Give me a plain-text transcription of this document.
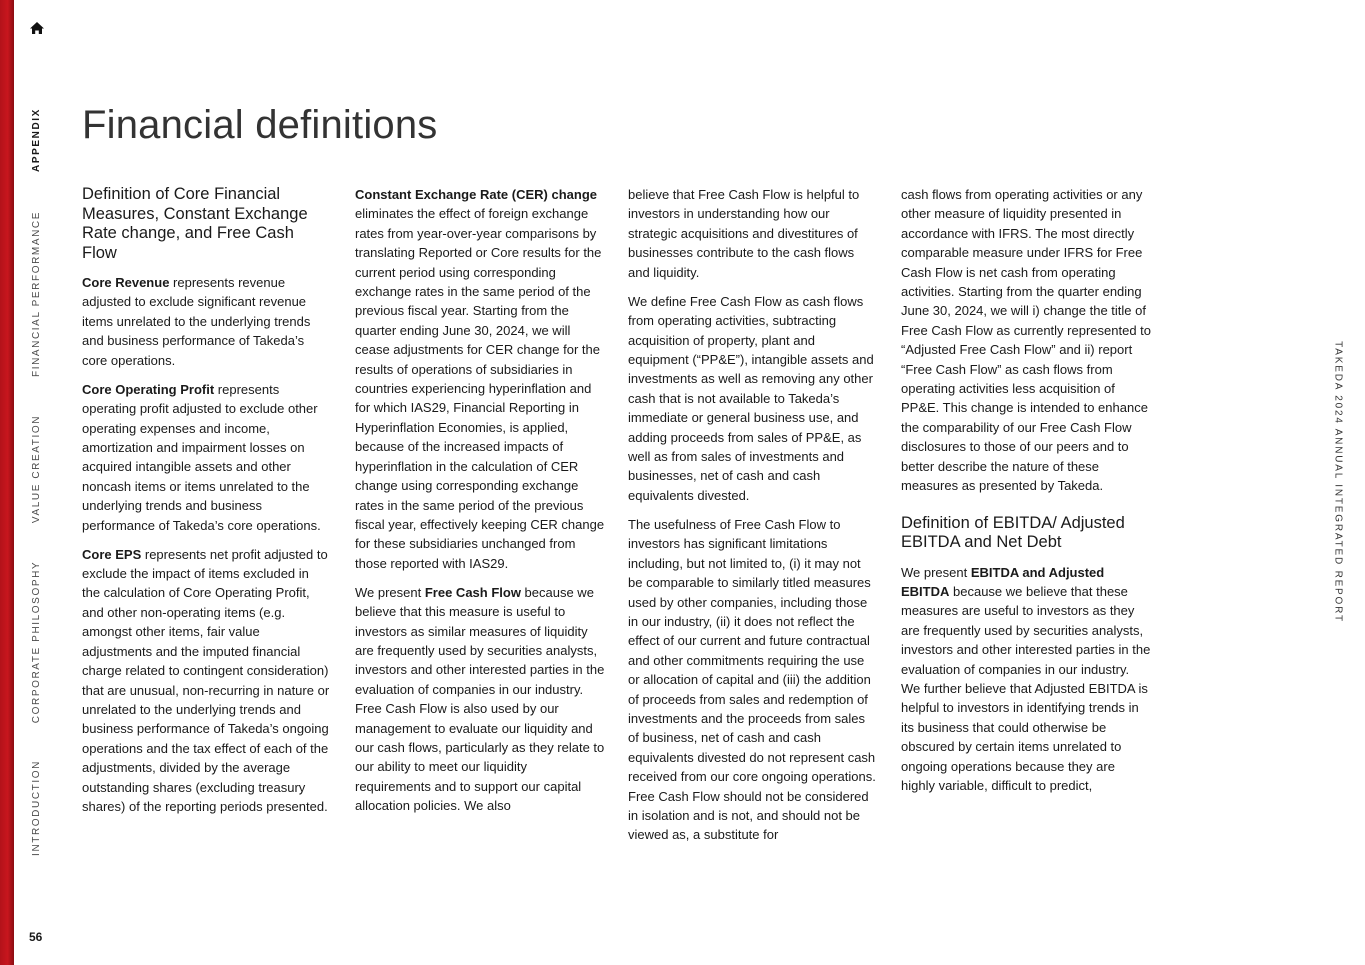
APPENDIX
FINANCIAL PERFORMANCE
VALUE CREATION
CORPORATE PHILOSOPHY
INTRODUCTION
56
TAKEDA 2024 ANNUAL INTEGRATED REPORT
Financial definitions
Definition of Core Financial Measures, Constant Exchange Rate change, and Free Cash Flow

Core Revenue represents revenue adjusted to exclude significant revenue items unrelated to the underlying trends and business performance of Takeda’s core operations.

Core Operating Profit represents operating profit adjusted to exclude other operating expenses and income, amortization and impairment losses on acquired intangible assets and other noncash items or items unrelated to the underlying trends and business performance of Takeda’s core operations.

Core EPS represents net profit adjusted to exclude the impact of items excluded in the calculation of Core Operating Profit, and other non-operating items (e.g. amongst other items, fair value adjustments and the imputed financial charge related to contingent consideration) that are unusual, non-recurring in nature or unrelated to the underlying trends and business performance of Takeda’s ongoing operations and the tax effect of each of the adjustments, divided by the average outstanding shares (excluding treasury shares) of the reporting periods presented.

Constant Exchange Rate (CER) change eliminates the effect of foreign exchange rates from year-over-year comparisons by translating Reported or Core results for the current period using corresponding exchange rates in the same period of the previous fiscal year. Starting from the quarter ending June 30, 2024, we will cease adjustments for CER change for the results of operations of subsidiaries in countries experiencing hyperinflation and for which IAS29, Financial Reporting in Hyperinflation Economies, is applied, because of the increased impacts of hyperinflation in the calculation of CER change using corresponding exchange rates in the same period of the previous fiscal year, effectively keeping CER change for these subsidiaries unchanged from those reported with IAS29.

We present Free Cash Flow because we believe that this measure is useful to investors as similar measures of liquidity are frequently used by securities analysts, investors and other interested parties in the evaluation of companies in our industry. Free Cash Flow is also used by our management to evaluate our liquidity and our cash flows, particularly as they relate to our ability to meet our liquidity requirements and to support our capital allocation policies. We also

believe that Free Cash Flow is helpful to investors in understanding how our strategic acquisitions and divestitures of businesses contribute to the cash flows and liquidity.

We define Free Cash Flow as cash flows from operating activities, subtracting acquisition of property, plant and equipment (“PP&E”), intangible assets and investments as well as removing any other cash that is not available to Takeda’s immediate or general business use, and adding proceeds from sales of PP&E, as well as from sales of investments and businesses, net of cash and cash equivalents divested.

The usefulness of Free Cash Flow to investors has significant limitations including, but not limited to, (i) it may not be comparable to similarly titled measures used by other companies, including those in our industry, (ii) it does not reflect the effect of our current and future contractual and other commitments requiring the use or allocation of capital and (iii) the addition of proceeds from sales and redemption of investments and the proceeds from sales of business, net of cash and cash equivalents divested do not represent cash received from our core ongoing operations. Free Cash Flow should not be considered in isolation and is not, and should not be viewed as, a substitute for

cash flows from operating activities or any other measure of liquidity presented in accordance with IFRS. The most directly comparable measure under IFRS for Free Cash Flow is net cash from operating activities. Starting from the quarter ending June 30, 2024, we will i) change the title of Free Cash Flow as currently represented to “Adjusted Free Cash Flow” and ii) report “Free Cash Flow” as cash flows from operating activities less acquisition of PP&E. This change is intended to enhance the comparability of our Free Cash Flow disclosures to those of our peers and to better describe the nature of these measures as presented by Takeda.

Definition of EBITDA/ Adjusted EBITDA and Net Debt

We present EBITDA and Adjusted EBITDA because we believe that these measures are useful to investors as they are frequently used by securities analysts, investors and other interested parties in the evaluation of companies in our industry. We further believe that Adjusted EBITDA is helpful to investors in identifying trends in its business that could otherwise be obscured by certain items unrelated to ongoing operations because they are highly variable, difficult to predict,
